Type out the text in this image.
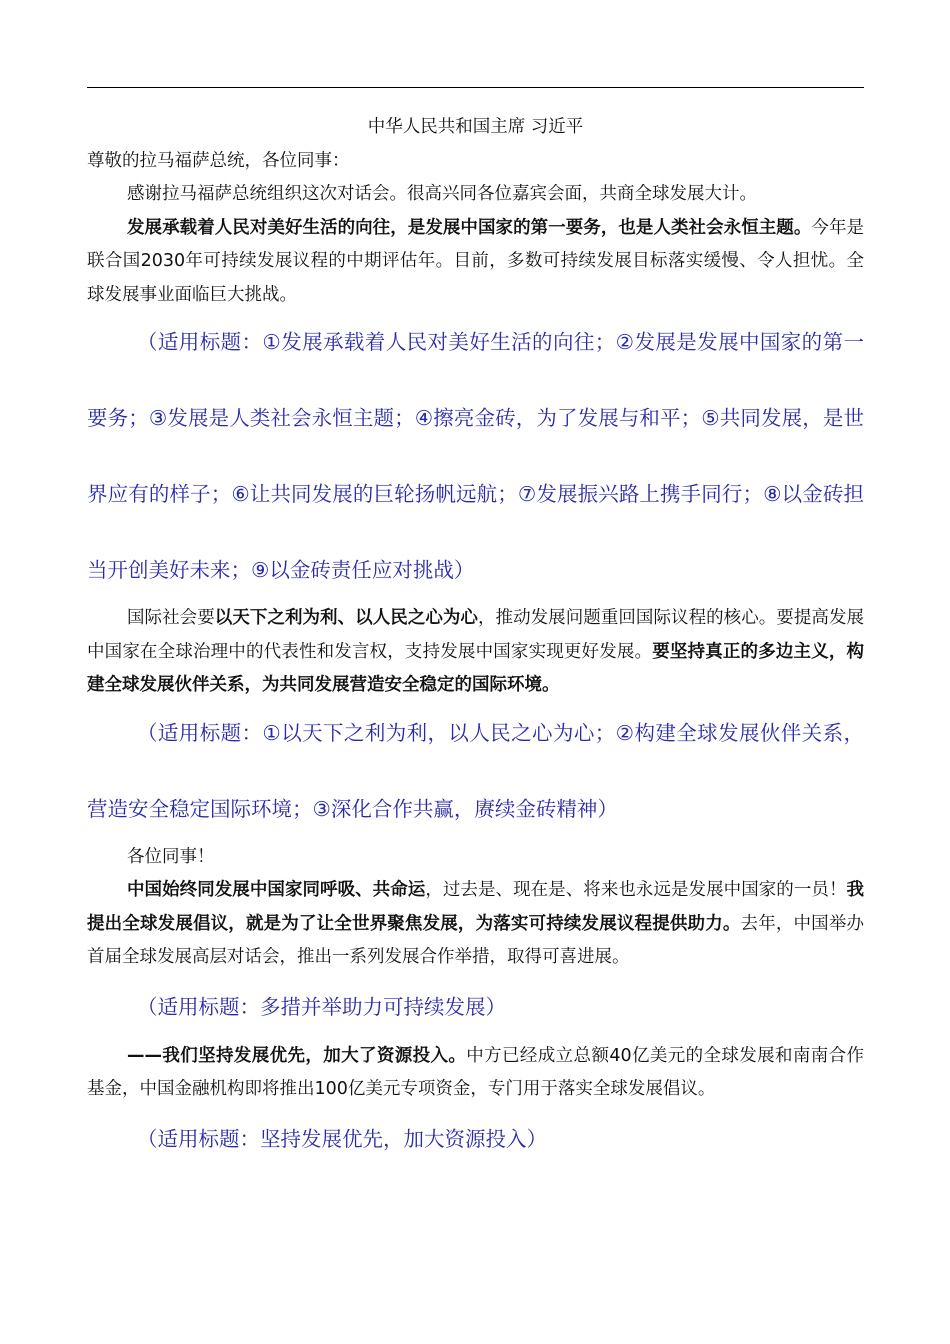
中华人民共和国主席 习近平

尊敬的拉马福萨总统，各位同事：

感谢拉马福萨总统组织这次对话会。很高兴同各位嘉宾会面，共商全球发展大计。

发展承载着人民对美好生活的向往，是发展中国家的第一要务，也是人类社会永恒主题。今年是联合国2030年可持续发展议程的中期评估年。目前，多数可持续发展目标落实缓慢、令人担忧。全球发展事业面临巨大挑战。

（适用标题：①发展承载着人民对美好生活的向往；②发展是发展中国家的第一要务；③发展是人类社会永恒主题；④擦亮金砖，为了发展与和平；⑤共同发展，是世界应有的样子；⑥让共同发展的巨轮扬帆远航；⑦发展振兴路上携手同行；⑧以金砖担当开创美好未来；⑨以金砖责任应对挑战）

国际社会要以天下之利为利、以人民之心为心，推动发展问题重回国际议程的核心。要提高发展中国家在全球治理中的代表性和发言权，支持发展中国家实现更好发展。要坚持真正的多边主义，构建全球发展伙伴关系，为共同发展营造安全稳定的国际环境。

（适用标题：①以天下之利为利，以人民之心为心；②构建全球发展伙伴关系，营造安全稳定国际环境；③深化合作共赢，赓续金砖精神）

各位同事！

中国始终同发展中国家同呼吸、共命运，过去是、现在是、将来也永远是发展中国家的一员！我提出全球发展倡议，就是为了让全世界聚焦发展，为落实可持续发展议程提供助力。去年，中国举办首届全球发展高层对话会，推出一系列发展合作举措，取得可喜进展。

（适用标题：多措并举助力可持续发展）

——我们坚持发展优先，加大了资源投入。中方已经成立总额40亿美元的全球发展和南南合作基金，中国金融机构即将推出100亿美元专项资金，专门用于落实全球发展倡议。

（适用标题：坚持发展优先，加大资源投入）
